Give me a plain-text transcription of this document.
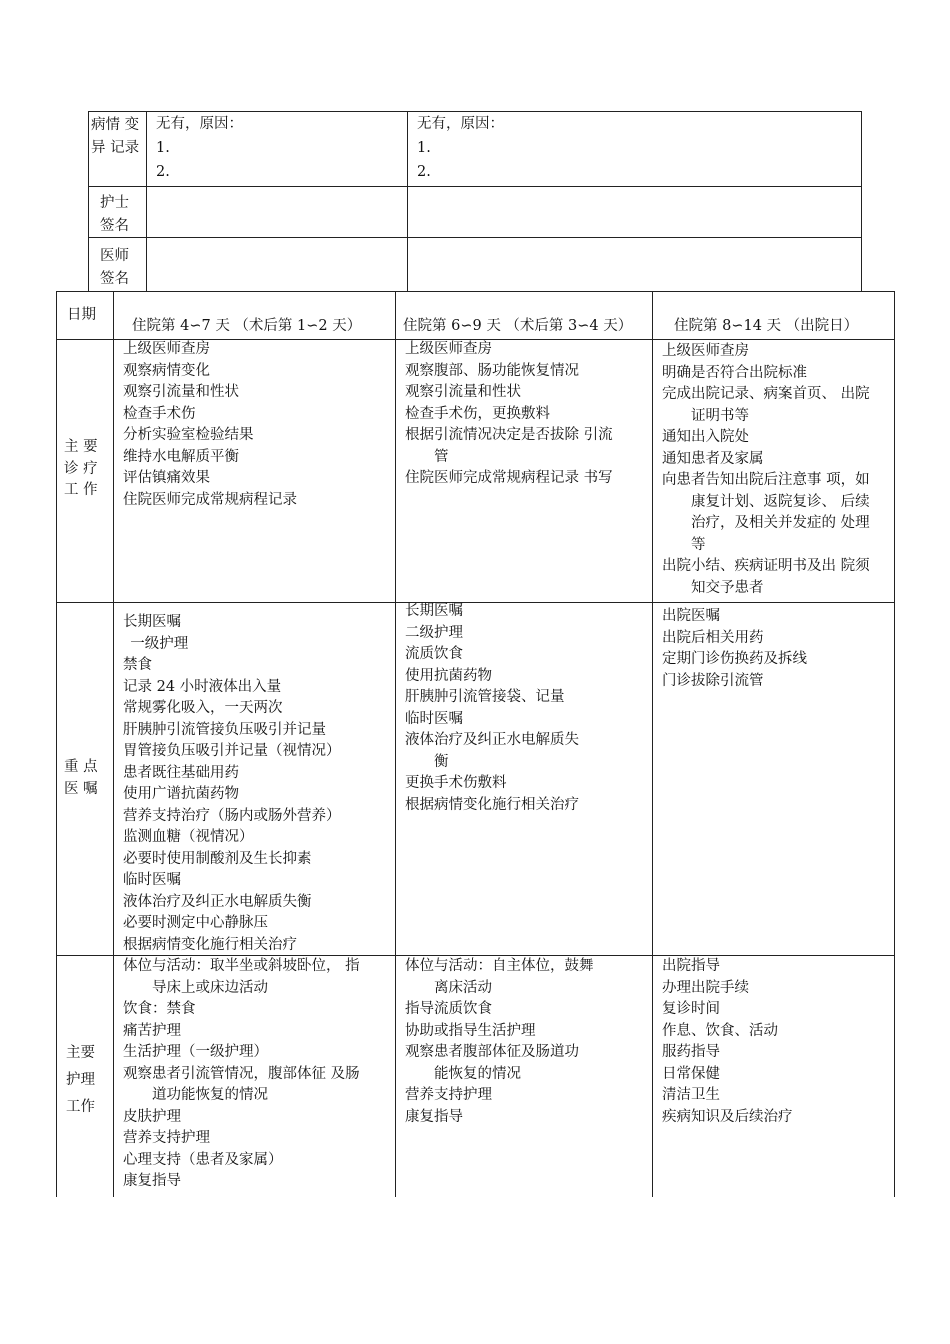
病情 变
异 记录
无有，原因：
1.
2.
无有，原因：
1.
2.
护士
签名
医师
签名
日期
住院第 4∽7 天 （术后第 1∽2 天）	住院第 6∽9 天 （术后第 3∽4 天）	住院第 8∽14 天 （出院日）
主 要
诊 疗
工 作
上级医师查房
观察病情变化
观察引流量和性状
检查手术伤
分析实验室检验结果
维持水电解质平衡
评估镇痛效果
住院医师完成常规病程记录
上级医师查房
观察腹部、肠功能恢复情况
观察引流量和性状
检查手术伤，更换敷料
根据引流情况决定是否拔除 引流
管
住院医师完成常规病程记录 书写
上级医师查房
明确是否符合出院标准
完成出院记录、病案首页、 出院
证明书等
通知出入院处
通知患者及家属
向患者告知出院后注意事 项，如
康复计划、返院复诊、 后续
治疗，及相关并发症的 处理
等
出院小结、疾病证明书及出 院须
知交予患者
重 点
医 嘱
长期医嘱
一级护理
禁食
记录 24 小时液体出入量
常规雾化吸入，一天两次
肝胰肿引流管接负压吸引并记量
胃管接负压吸引并记量（视情况）
患者既往基础用药
使用广谱抗菌药物
营养支持治疗（肠内或肠外营养）
监测血糖（视情况）
必要时使用制酸剂及生长抑素
临时医嘱
液体治疗及纠正水电解质失衡
必要时测定中心静脉压
根据病情变化施行相关治疗
长期医嘱
二级护理
流质饮食
使用抗菌药物
肝胰肿引流管接袋、记量
临时医嘱
液体治疗及纠正水电解质失
衡
更换手术伤敷料
根据病情变化施行相关治疗
出院医嘱
出院后相关用药
定期门诊伤换药及拆线
门诊拔除引流管
主要
护理
工作
体位与活动：取半坐或斜坡卧位， 指
导床上或床边活动
饮食：禁食
痛苦护理
生活护理（一级护理）
观察患者引流管情况，腹部体征 及肠
道功能恢复的情况
皮肤护理
营养支持护理
心理支持（患者及家属）
康复指导
体位与活动：自主体位，鼓舞
离床活动
指导流质饮食
协助或指导生活护理
观察患者腹部体征及肠道功
能恢复的情况
营养支持护理
康复指导
出院指导
办理出院手续
复诊时间
作息、饮食、活动
服药指导
日常保健
清洁卫生
疾病知识及后续治疗
